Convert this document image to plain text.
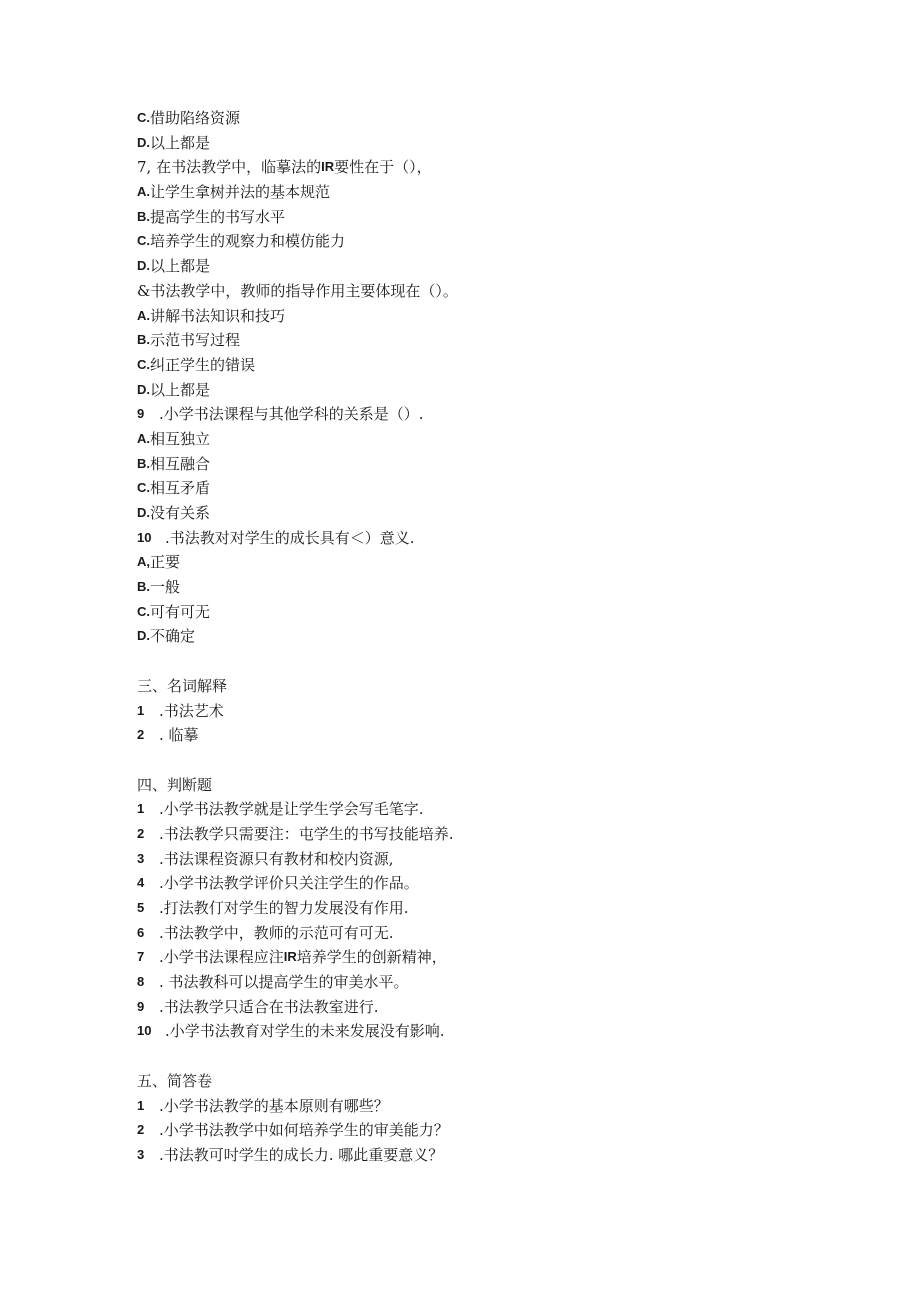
C. 借助陷络资源
D. 以上都是
7, 在书法教学中，临摹法的 IR 要性在于（），
A. 让学生拿树并法的基本规范
B. 提高学生的书写水平
C. 培养学生的观察力和模仿能力
D. 以上都是
&书法教学中，教师的指导作用主要体现在（）。
A. 讲解书法知识和技巧
B. 示范书写过程
C. 纠正学生的错误
D. 以上都是
9 .小学书法课程与其他学科的关系是（）.
A. 相互独立
B. 相互融合
C. 相互矛盾
D. 没有关系
10 .书法教对对学生的成长具有＜）意义.
A, 正要
B. 一般
C. 可有可无
D. 不确定
三、名词解释
1 .书法艺术
2 . 临摹
四、判断题
1 .小学书法教学就是让学生学会写毛笔字.
2 .书法教学只需要注：屯学生的书写技能培养.
3 .书法课程资源只有教材和校内资源,
4 .小学书法教学评价只关注学生的作品。
5 .打法教仃对学生的智力发展没有作用.
6 .书法教学中，教师的示范可有可无.
7 .小学书法课程应注 IR 培养学生的创新精神，
8 . 书法教科可以提高学生的审美水平。
9 .书法教学只适合在书法教室进行.
10 .小学书法教育对学生的未来发展没有影响.
五、简答卷
1 .小学书法教学的基本原则有哪些？
2 .小学书法教学中如何培养学生的审美能力？
3 .书法教可吋学生的成长力. 哪此重要意义？
